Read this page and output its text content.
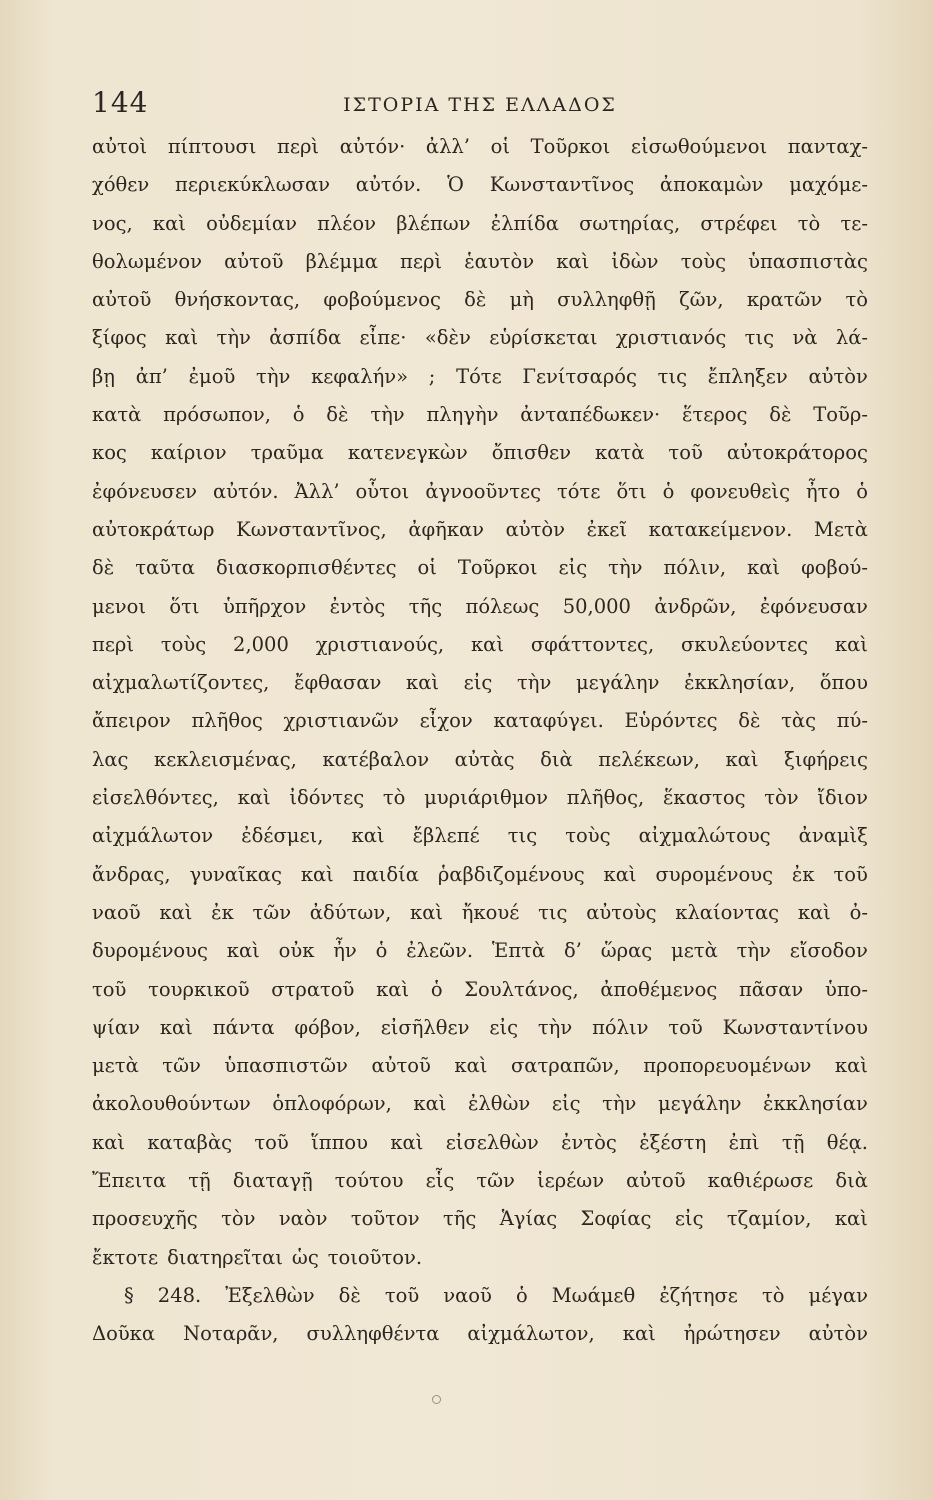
144	ΙΣΤΟΡΙΑ ΤΗΣ ΕΛΛΑΔΟΣ
αὐτοὶ πίπτουσι περὶ αὐτόν· ἀλλ’ οἱ Τοῦρκοι εἰσωθούμενοι πανταχ-
χόθεν περιεκύκλωσαν αὐτόν. Ὁ Κωνσταντῖνος ἀποκαμὼν μαχόμε-
νος, καὶ οὐδεμίαν πλέον βλέπων ἐλπίδα σωτηρίας, στρέφει τὸ τε-
θολωμένον αὐτοῦ βλέμμα περὶ ἑαυτὸν καὶ ἰδὼν τοὺς ὑπασπιστὰς
αὐτοῦ θνήσκοντας, φοβούμενος δὲ μὴ συλληφθῇ ζῶν, κρατῶν τὸ
ξίφος καὶ τὴν ἀσπίδα εἶπε· «δὲν εὑρίσκεται χριστιανός τις νὰ λά-
βῃ ἀπ’ ἐμοῦ τὴν κεφαλήν» ; Τότε Γενίτσαρός τις ἔπληξεν αὐτὸν
κατὰ πρόσωπον, ὁ δὲ τὴν πληγὴν ἀνταπέδωκεν· ἕτερος δὲ Τοῦρ-
κος καίριον τραῦμα κατενεγκὼν ὄπισθεν κατὰ τοῦ αὐτοκράτορος
ἐφόνευσεν αὐτόν. Ἀλλ’ οὗτοι ἀγνοοῦντες τότε ὅτι ὁ φονευθεὶς ἦτο ὁ
αὐτοκράτωρ Κωνσταντῖνος, ἀφῆκαν αὐτὸν ἐκεῖ κατακείμενον. Μετὰ
δὲ ταῦτα διασκορπισθέντες οἱ Τοῦρκοι εἰς τὴν πόλιν, καὶ φοβού-
μενοι ὅτι ὑπῆρχον ἐντὸς τῆς πόλεως 50,000 ἀνδρῶν, ἐφόνευσαν
περὶ τοὺς 2,000 χριστιανούς, καὶ σφάττοντες, σκυλεύοντες καὶ
αἰχμαλωτίζοντες, ἔφθασαν καὶ εἰς τὴν μεγάλην ἐκκλησίαν, ὅπου
ἄπειρον πλῆθος χριστιανῶν εἶχον καταφύγει. Εὑρόντες δὲ τὰς πύ-
λας κεκλεισμένας, κατέβαλον αὐτὰς διὰ πελέκεων, καὶ ξιφήρεις
εἰσελθόντες, καὶ ἰδόντες τὸ μυριάριθμον πλῆθος, ἕκαστος τὸν ἴδιον
αἰχμάλωτον ἐδέσμει, καὶ ἔβλεπέ τις τοὺς αἰχμαλώτους ἀναμὶξ
ἄνδρας, γυναῖκας καὶ παιδία ῥαβδιζομένους καὶ συρομένους ἐκ τοῦ
ναοῦ καὶ ἐκ τῶν ἀδύτων, καὶ ἤκουέ τις αὐτοὺς κλαίοντας καὶ ὀ-
δυρομένους καὶ οὐκ ἦν ὁ ἐλεῶν. Ἑπτὰ δ’ ὥρας μετὰ τὴν εἴσοδον
τοῦ τουρκικοῦ στρατοῦ καὶ ὁ Σουλτάνος, ἀποθέμενος πᾶσαν ὑπο-
ψίαν καὶ πάντα φόβον, εἰσῆλθεν εἰς τὴν πόλιν τοῦ Κωνσταντίνου
μετὰ τῶν ὑπασπιστῶν αὐτοῦ καὶ σατραπῶν, προπορευομένων καὶ
ἀκολουθούντων ὁπλοφόρων, καὶ ἐλθὼν εἰς τὴν μεγάλην ἐκκλησίαν
καὶ καταβὰς τοῦ ἵππου καὶ εἰσελθὼν ἐντὸς ἐξέστη ἐπὶ τῇ θέᾳ.
Ἔπειτα τῇ διαταγῇ τούτου εἷς τῶν ἱερέων αὐτοῦ καθιέρωσε διὰ
προσευχῆς τὸν ναὸν τοῦτον τῆς Ἁγίας Σοφίας εἰς τζαμίον, καὶ
ἔκτοτε διατηρεῖται ὡς τοιοῦτον.
§ 248. Ἐξελθὼν δὲ τοῦ ναοῦ ὁ Μωάμεθ ἐζήτησε τὸ μέγαν
Δοῦκα Νοταρᾶν, συλληφθέντα αἰχμάλωτον, καὶ ἠρώτησεν αὐτὸν
